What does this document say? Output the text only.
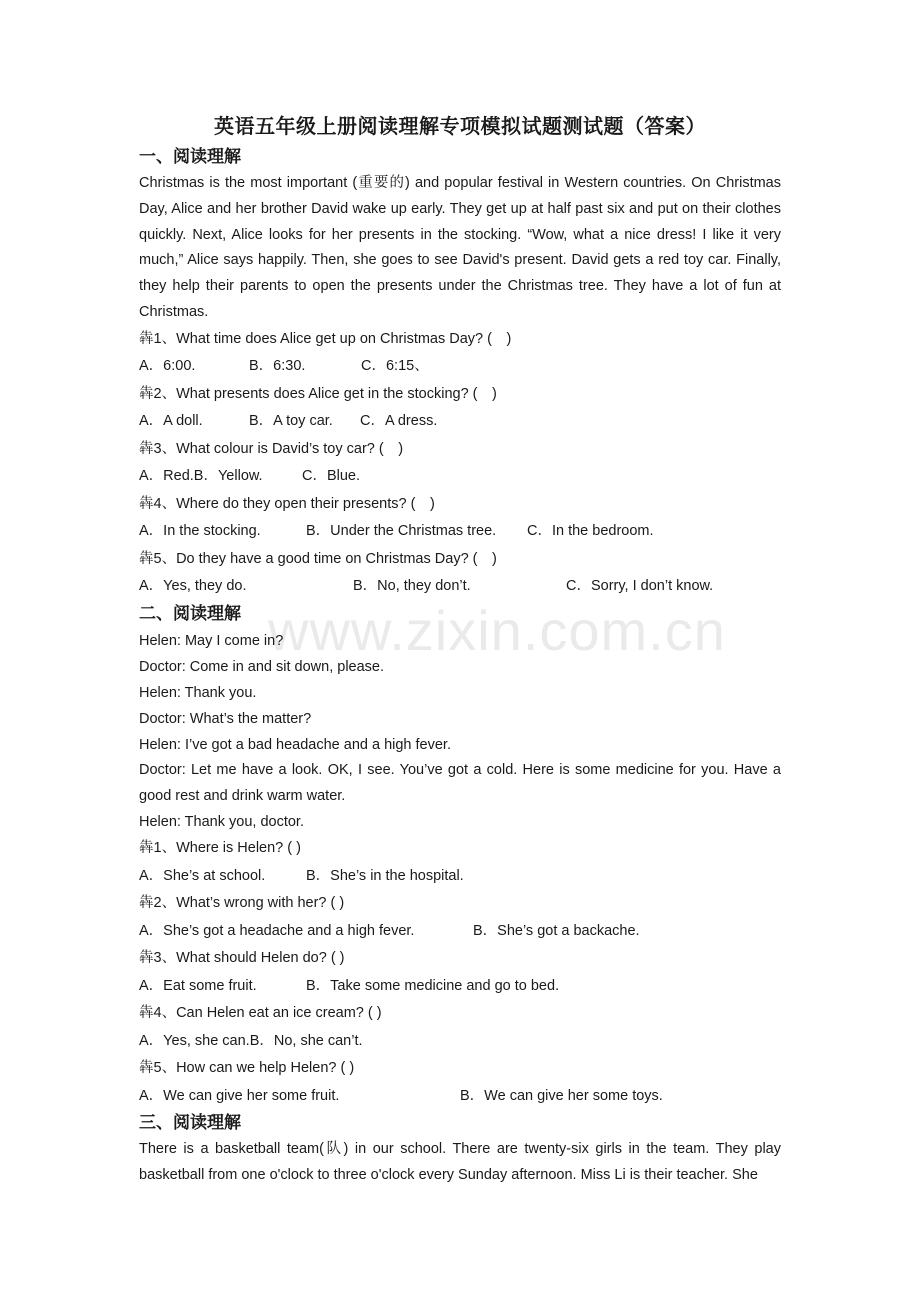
www.zixin.com.cn
英语五年级上册阅读理解专项模拟试题测试题（答案）
一、阅读理解

Christmas is the most important (重要的) and popular festival in Western countries. On Christmas Day, Alice and her brother David wake up early. They get up at half past six and put on their clothes quickly. Next, Alice looks for her presents in the stocking. “Wow, what a nice dress! I like it very much,” Alice says happily. Then, she goes to see David's present. David gets a red toy car. Finally, they help their parents to open the presents under the Christmas tree. They have a lot of fun at Christmas.

犇1、What time does Alice get up on Christmas Day? (　)

A．6:00.	B．6:30.	C．6:15、

犇2、What presents does Alice get in the stocking? (　)

A．A doll.	B．A toy car.	C．A dress.

犇3、What colour is David’s toy car? (　)

A．Red.B．Yellow.	C．Blue.

犇4、Where do they open their presents? (　)

A．In the stocking.	B．Under the Christmas tree.	C．In the bedroom.

犇5、Do they have a good time on Christmas Day? (　)

A．Yes, they do.	B．No, they don’t.	C．Sorry, I don’t know.
二、阅读理解

Helen: May I come in?

Doctor: Come in and sit down, please.

Helen: Thank you.

Doctor: What’s the matter?

Helen: I’ve got a bad headache and a high fever.

Doctor: Let me have a look. OK, I see. You’ve got a cold. Here is some medicine for you. Have a good rest and drink warm water.

Helen: Thank you, doctor.

犇1、Where is Helen? ( )

A．She’s at school.	B．She’s in the hospital.

犇2、What’s wrong with her? ( )

A．She’s got a headache and a high fever.	B．She’s got a backache.

犇3、What should Helen do? ( )

A．Eat some fruit.	B．Take some medicine and go to bed.

犇4、Can Helen eat an ice cream? ( )

A．Yes, she can.B．No, she can’t.

犇5、How can we help Helen? ( )

A．We can give her some fruit.	B．We can give her some toys.
三、阅读理解

There is a basketball team(队) in our school. There are twenty-six girls in the team. They play basketball from one o'clock to three o'clock every Sunday afternoon. Miss Li is their teacher. She
